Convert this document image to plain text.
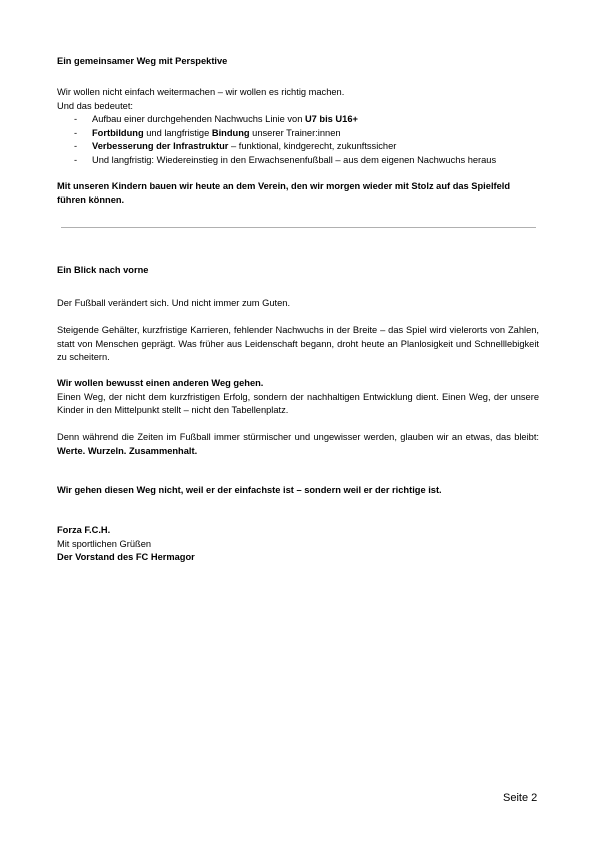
Ein gemeinsamer Weg mit Perspektive

Wir wollen nicht einfach weitermachen – wir wollen es richtig machen.

Und das bedeutet:

- Aufbau einer durchgehenden Nachwuchs Linie von U7 bis U16+
- Fortbildung und langfristige Bindung unserer Trainer:innen
- Verbesserung der Infrastruktur – funktional, kindgerecht, zukunftssicher
- Und langfristig: Wiedereinstieg in den Erwachsenenfußball – aus dem eigenen Nachwuchs heraus

Mit unseren Kindern bauen wir heute an dem Verein, den wir morgen wieder mit Stolz auf das Spielfeld führen können.

Ein Blick nach vorne

Der Fußball verändert sich. Und nicht immer zum Guten.

Steigende Gehälter, kurzfristige Karrieren, fehlender Nachwuchs in der Breite – das Spiel wird vielerorts von Zahlen, statt von Menschen geprägt. Was früher aus Leidenschaft begann, droht heute an Planlosigkeit und Schnelllebigkeit zu scheitern.

Wir wollen bewusst einen anderen Weg gehen.

Einen Weg, der nicht dem kurzfristigen Erfolg, sondern der nachhaltigen Entwicklung dient. Einen Weg, der unsere Kinder in den Mittelpunkt stellt – nicht den Tabellenplatz.

Denn während die Zeiten im Fußball immer stürmischer und ungewisser werden, glauben wir an etwas, das bleibt: Werte. Wurzeln. Zusammenhalt.

Wir gehen diesen Weg nicht, weil er der einfachste ist – sondern weil er der richtige ist.

Forza F.C.H.

Mit sportlichen Grüßen

Der Vorstand des FC Hermagor

Seite 2
